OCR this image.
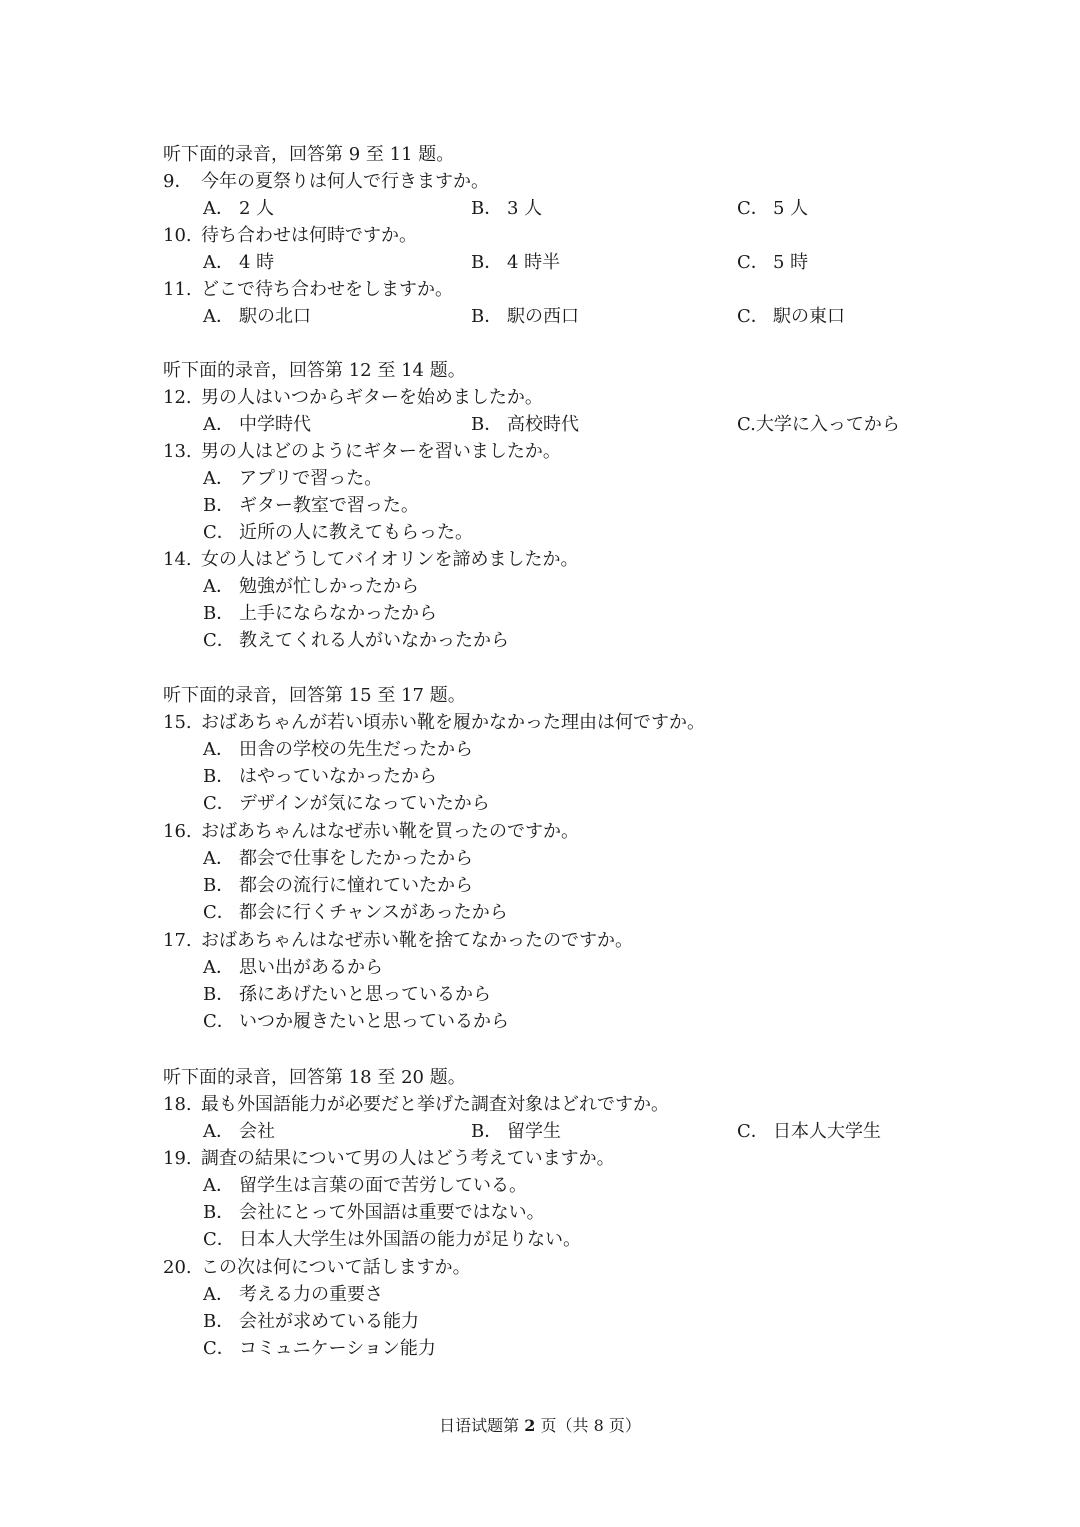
听下面的录音，回答第 9 至 11 题。
9． 今年の夏祭りは何人で行きますか。
A． 2 人	B． 3 人	C． 5 人
10. 待ち合わせは何時ですか。
A． 4 時	B． 4 時半	C． 5 時
11. どこで待ち合わせをしますか。
A． 駅の北口	B． 駅の西口	C． 駅の東口
听下面的录音，回答第 12 至 14 题。
12. 男の人はいつからギターを始めましたか。
A． 中学時代	B． 高校時代	C.大学に入ってから
13. 男の人はどのようにギターを習いましたか。
A． アプリで習った。
B． ギター教室で習った。
C． 近所の人に教えてもらった。
14. 女の人はどうしてバイオリンを諦めましたか。
A． 勉強が忙しかったから
B． 上手にならなかったから
C． 教えてくれる人がいなかったから
听下面的录音，回答第 15 至 17 题。
15. おばあちゃんが若い頃赤い靴を履かなかった理由は何ですか。
A． 田舎の学校の先生だったから
B． はやっていなかったから
C． デザインが気になっていたから
16. おばあちゃんはなぜ赤い靴を買ったのですか。
A． 都会で仕事をしたかったから
B． 都会の流行に憧れていたから
C． 都会に行くチャンスがあったから
17. おばあちゃんはなぜ赤い靴を捨てなかったのですか。
A． 思い出があるから
B． 孫にあげたいと思っているから
C． いつか履きたいと思っているから
听下面的录音，回答第 18 至 20 题。
18. 最も外国語能力が必要だと挙げた調査対象はどれですか。
A． 会社	B． 留学生	C． 日本人大学生
19. 調査の結果について男の人はどう考えていますか。
A． 留学生は言葉の面で苦労している。
B． 会社にとって外国語は重要ではない。
C． 日本人大学生は外国語の能力が足りない。
20. この次は何について話しますか。
A． 考える力の重要さ
B． 会社が求めている能力
C． コミュニケーション能力
日语试题第 2 页（共 8 页）
